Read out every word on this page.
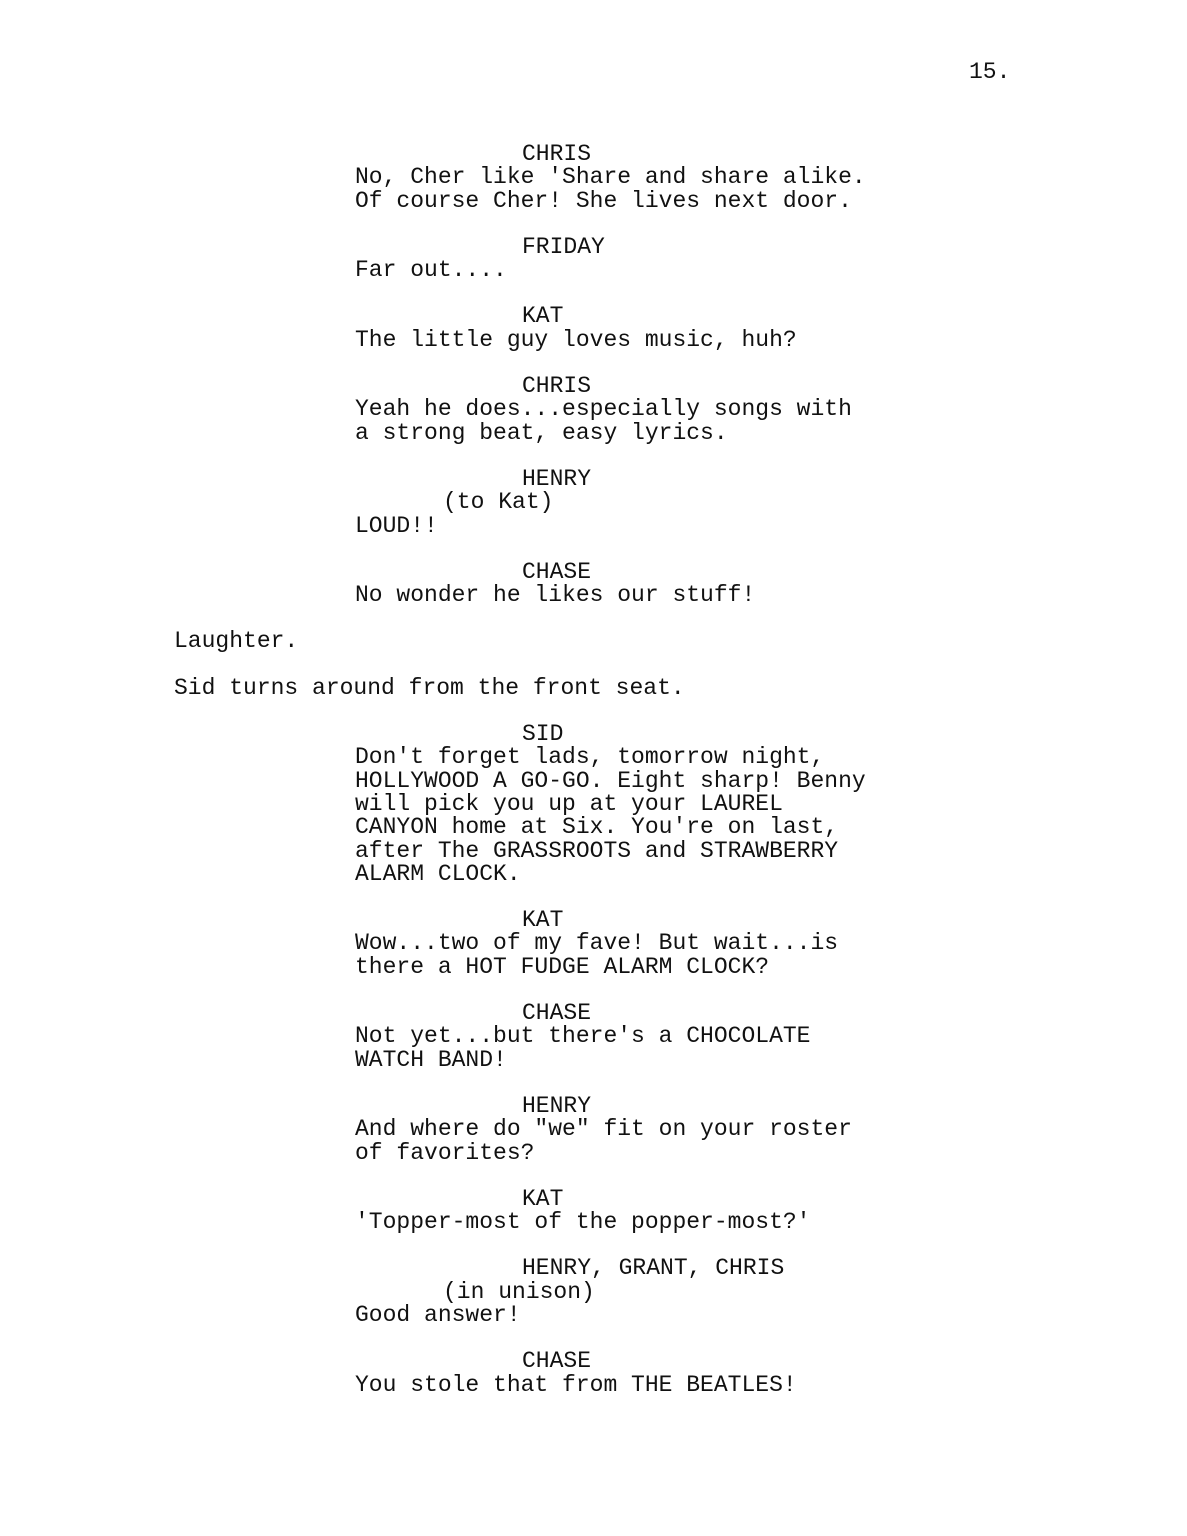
15.
CHRIS
No, Cher like 'Share and share alike.
Of course Cher! She lives next door.
FRIDAY
Far out....
KAT
The little guy loves music, huh?
CHRIS
Yeah he does...especially songs with
a strong beat, easy lyrics.
HENRY
(to Kat)
LOUD!!
CHASE
No wonder he likes our stuff!
Laughter.
Sid turns around from the front seat.
SID
Don't forget lads, tomorrow night,
HOLLYWOOD A GO-GO. Eight sharp! Benny
will pick you up at your LAUREL
CANYON home at Six. You're on last,
after The GRASSROOTS and STRAWBERRY
ALARM CLOCK.
KAT
Wow...two of my fave! But wait...is
there a HOT FUDGE ALARM CLOCK?
CHASE
Not yet...but there's a CHOCOLATE
WATCH BAND!
HENRY
And where do "we" fit on your roster
of favorites?
KAT
'Topper-most of the popper-most?'
HENRY, GRANT, CHRIS
(in unison)
Good answer!
CHASE
You stole that from THE BEATLES!
